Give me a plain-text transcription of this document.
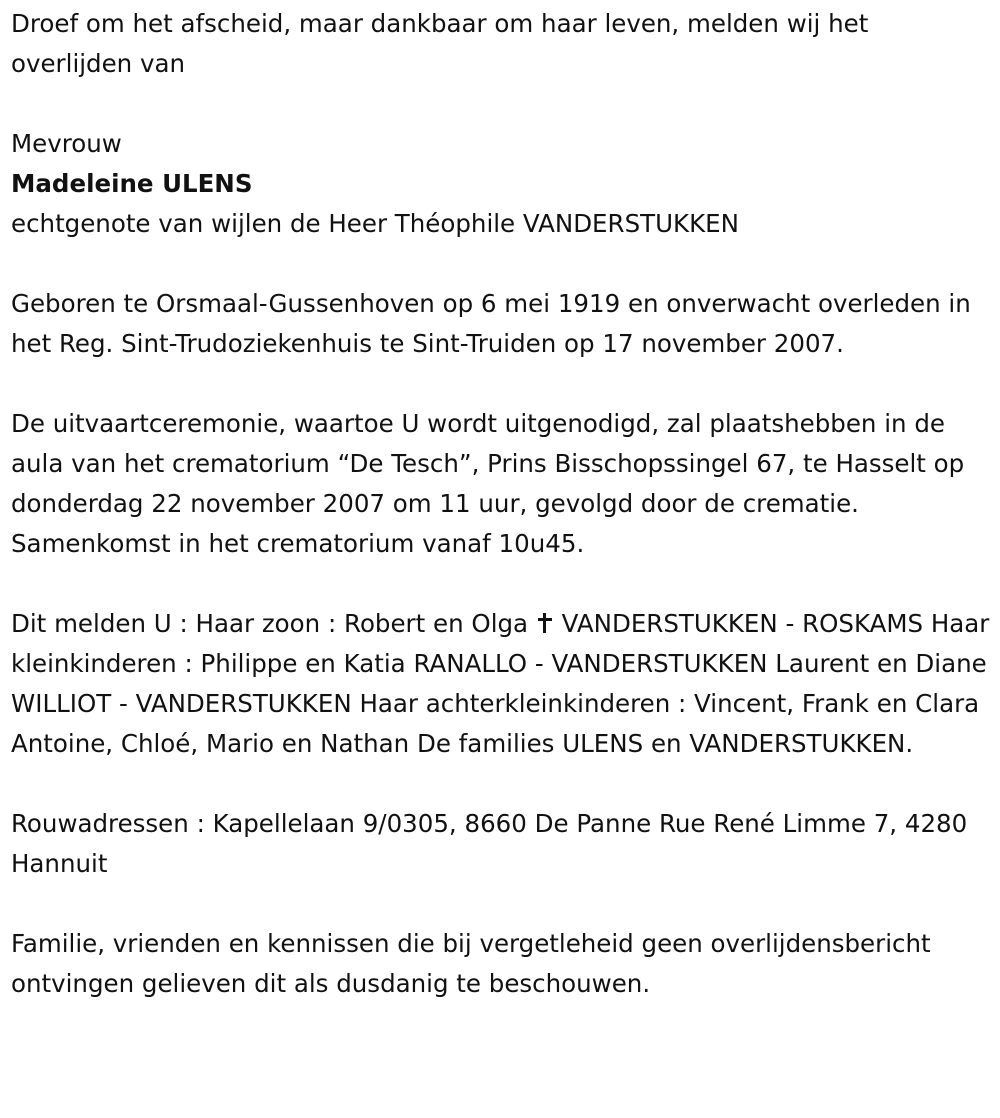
Droef om het afscheid, maar dankbaar om haar leven, melden wij het overlijden van

Mevrouw

Madeleine ULENS

echtgenote van wijlen de Heer Théophile VANDERSTUKKEN

Geboren te Orsmaal-Gussenhoven op 6 mei 1919 en onverwacht overleden in het Reg. Sint-Trudoziekenhuis te Sint-Truiden op 17 november 2007.

De uitvaartceremonie, waartoe U wordt uitgenodigd, zal plaatshebben in de aula van het crematorium “De Tesch”, Prins Bisschopssingel 67, te Hasselt op donderdag 22 november 2007 om 11 uur, gevolgd door de crematie. Samenkomst in het crematorium vanaf 10u45.

Dit melden U : Haar zoon : Robert en Olga VANDERSTUKKEN - ROSKAMS Haar kleinkinderen : Philippe en Katia RANALLO - VANDERSTUKKEN Laurent en Diane WILLIOT - VANDERSTUKKEN Haar achterkleinkinderen : Vincent, Frank en Clara Antoine, Chloé, Mario en Nathan De families ULENS en VANDERSTUKKEN.

Rouwadressen : Kapellelaan 9/0305, 8660 De Panne Rue René Limme 7, 4280 Hannuit

Familie, vrienden en kennissen die bij vergetleheid geen overlijdensbericht ontvingen gelieven dit als dusdanig te beschouwen.
